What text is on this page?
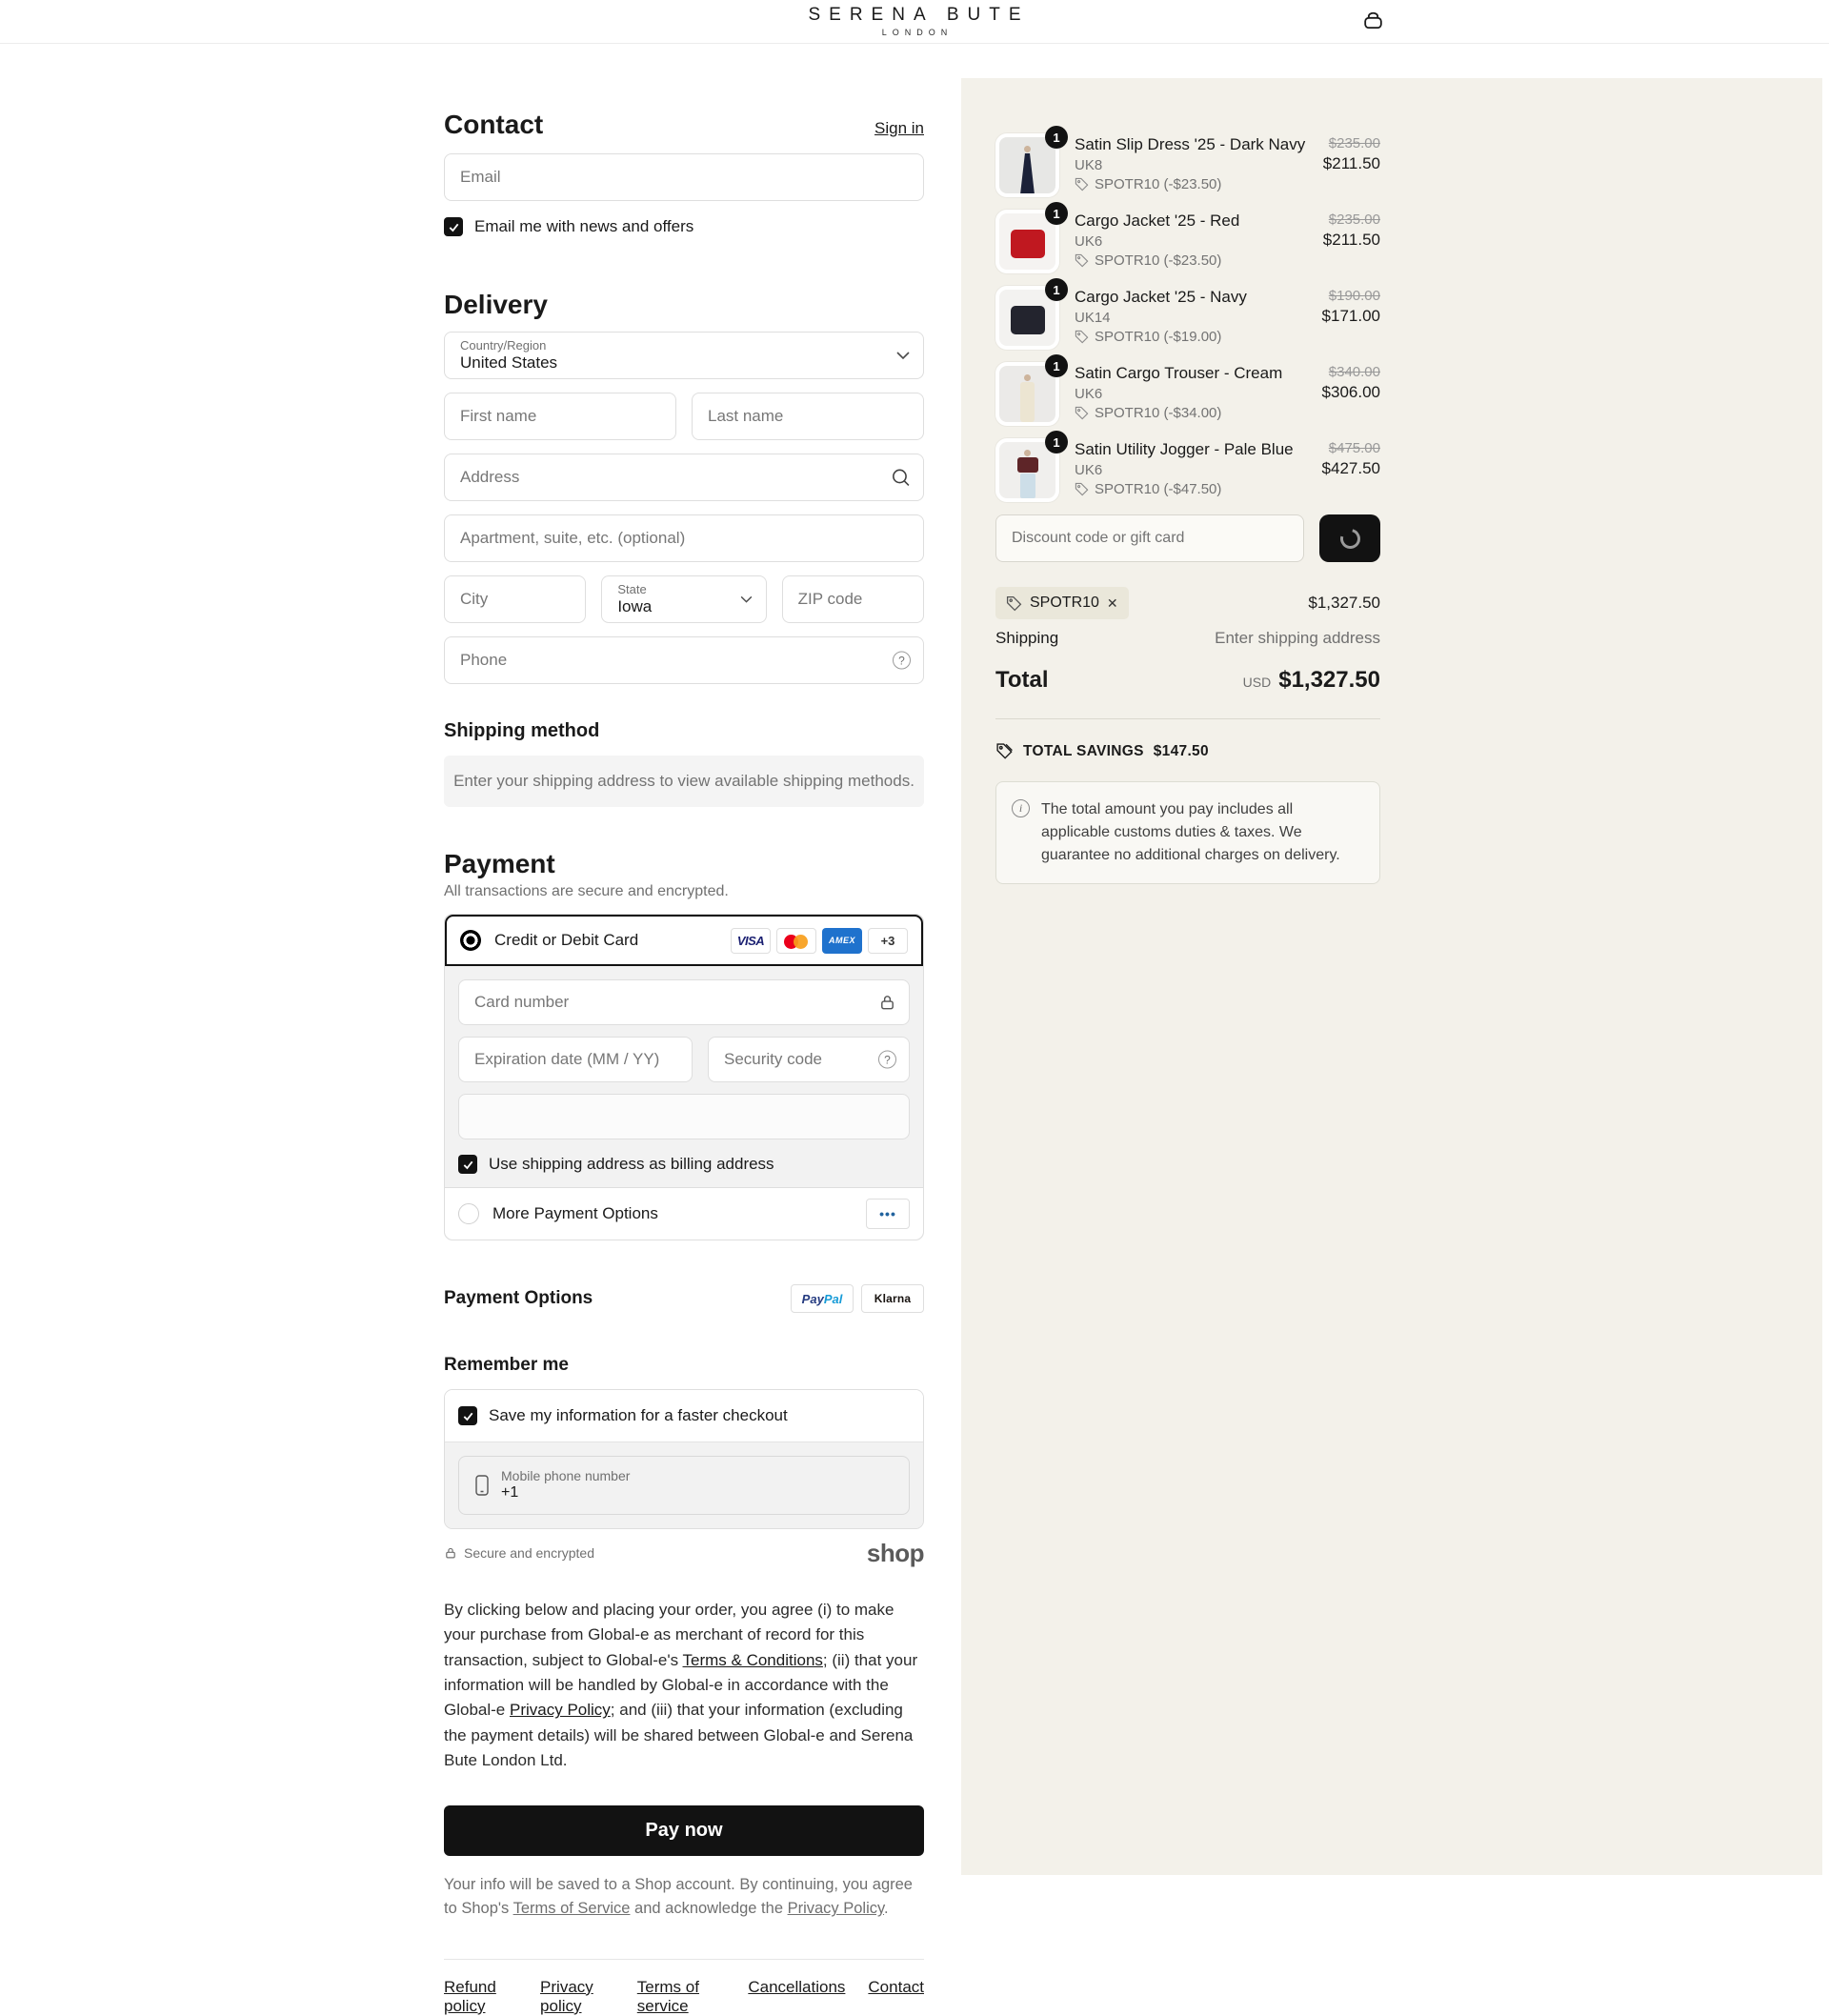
SERENA BUTE
LONDON
Contact	Sign in
Email
Email me with news and offers
Delivery
Country/Region
United States
First name
Last name
Address
Apartment, suite, etc. (optional)
City
State
Iowa
ZIP code
Phone
?
Shipping method
Enter your shipping address to view available shipping methods.
Payment

All transactions are secure and encrypted.

Credit or Debit Card	VISA	AMEX	+3
Card number
Expiration date (MM / YY)
Security code
?
Use shipping address as billing address
More Payment Options	•••
Payment Options	Pay Pal	Klarna
Remember me
Save my information for a faster checkout
Mobile phone number
+1
Secure and encrypted	shop

By clicking below and placing your order, you agree (i) to make your purchase from Global-e as merchant of record for this transaction, subject to Global-e's Terms & Conditions; (ii) that your information will be handled by Global-e in accordance with the Global-e Privacy Policy; and (iii) that your information (excluding the payment details) will be shared between Global-e and Serena Bute London Ltd.

Pay now

Your info will be saved to a Shop account. By continuing, you agree to Shop's Terms of Service and acknowledge the Privacy Policy.

Refund policy
Privacy policy
Terms of service
Cancellations Contact
1 Satin Slip Dress '25 - Dark Navy
UK8
SPOTR10 (-$23.50)
$235.00
$211.50
1 Cargo Jacket '25 - Red
UK6
SPOTR10 (-$23.50)
$235.00
$211.50
1 Cargo Jacket '25 - Navy
UK14
SPOTR10 (-$19.00)
$190.00
$171.00
1 Satin Cargo Trouser - Cream
UK6
SPOTR10 (-$34.00)
$340.00
$306.00
1 Satin Utility Jogger - Pale Blue
UK6
SPOTR10 (-$47.50)
$475.00
$427.50
Discount code or gift card
SPOTR10 ✕	$1,327.50
Shipping	Enter shipping address
Total	USD $1,327.50
TOTAL SAVINGS $147.50
i	The total amount you pay includes all applicable customs duties & taxes. We guarantee no additional charges on delivery.
